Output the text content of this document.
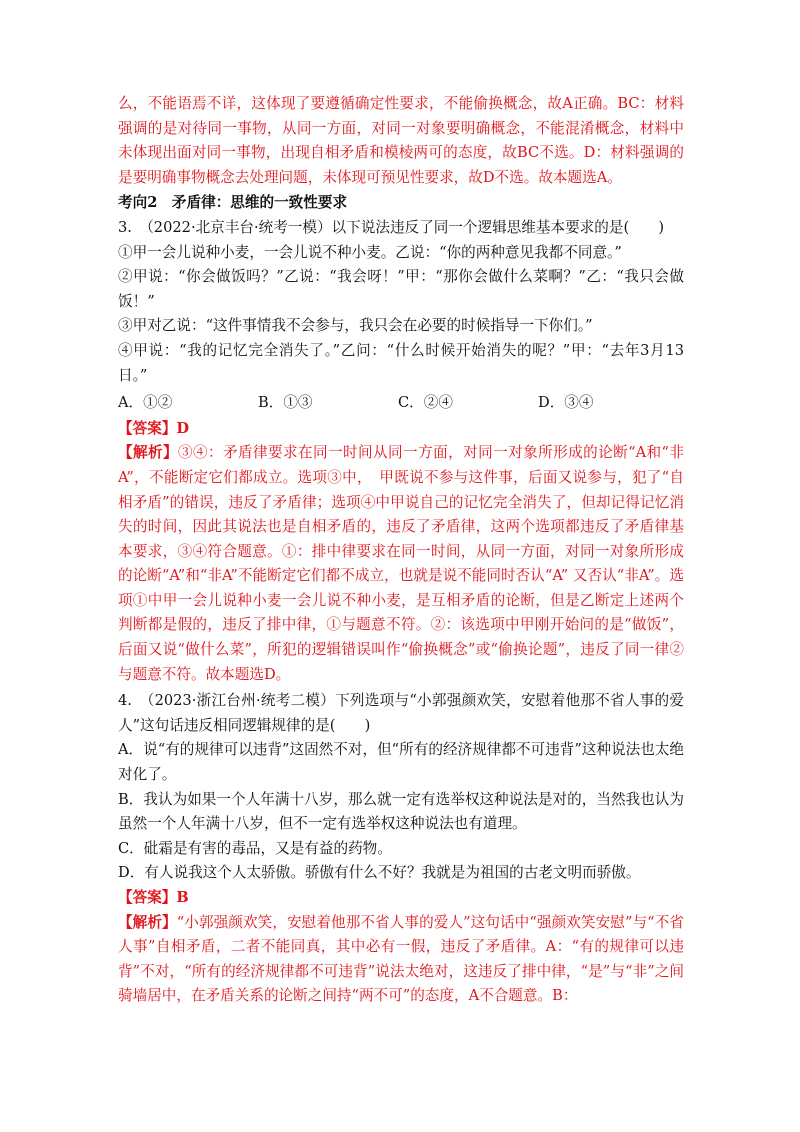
么，不能语焉不详，这体现了要遵循确定性要求，不能偷换概念，故A正确。BC：材料强调的是对待同一事物，从同一方面，对同一对象要明确概念，不能混淆概念，材料中未体现出面对同一事物，出现自相矛盾和模棱两可的态度，故BC不选。D：材料强调的是要明确事物概念去处理问题，未体现可预见性要求，故D不选。故本题选A。

考向2　矛盾律：思维的一致性要求

3.　（2022·北京丰台·统考一模）以下说法违反了同一个逻辑思维基本要求的是(　　)

①甲一会儿说种小麦，一会儿说不种小麦。乙说：“你的两种意见我都不同意。”

②甲说：“你会做饭吗？”乙说：“我会呀！”甲：“那你会做什么菜啊？”乙：“我只会做饭！”

③甲对乙说：“这件事情我不会参与，我只会在必要的时候指导一下你们。”

④甲说：“我的记忆完全消失了。”乙问：“什么时候开始消失的呢？”甲：“去年3月13日。”

A．①②	B．①③	C．②④	D．③④

【答案】D

【解析】③④：矛盾律要求在同一时间从同一方面，对同一对象所形成的论断“A和“非A”，不能断定它们都成立。选项③中，　甲既说不参与这件事，后面又说参与，犯了“自相矛盾”的错误，违反了矛盾律；选项④中甲说自己的记忆完全消失了，但却记得记忆消失的时间，因此其说法也是自相矛盾的，违反了矛盾律，这两个选项都违反了矛盾律基本要求，③④符合题意。①：排中律要求在同一时间，从同一方面，对同一对象所形成的论断“A”和“非A”不能断定它们都不成立，也就是说不能同时否认“A” 又否认“非A”。选项①中甲一会儿说种小麦一会儿说不种小麦，是互相矛盾的论断，但是乙断定上述两个判断都是假的，违反了排中律，①与题意不符。②：该选项中甲刚开始问的是“做饭”，后面又说“做什么菜”，所犯的逻辑错误叫作“偷换概念”或“偷换论题”，违反了同一律②与题意不符。故本题选D。

4.　（2023·浙江台州·统考二模）下列选项与“小郭强颜欢笑，安慰着他那不省人事的爱人”这句话违反相同逻辑规律的是(　　)

A．说“有的规律可以违背”这固然不对，但“所有的经济规律都不可违背”这种说法也太绝对化了。

B．我认为如果一个人年满十八岁，那么就一定有选举权这种说法是对的，当然我也认为虽然一个人年满十八岁，但不一定有选举权这种说法也有道理。

C．砒霜是有害的毒品，又是有益的药物。

D．有人说我这个人太骄傲。骄傲有什么不好？我就是为祖国的古老文明而骄傲。

【答案】B

【解析】“小郭强颜欢笑，安慰着他那不省人事的爱人”这句话中“强颜欢笑安慰”与“不省人事”自相矛盾，二者不能同真，其中必有一假，违反了矛盾律。A：“有的规律可以违背”不对，“所有的经济规律都不可违背”说法太绝对，这违反了排中律，“是”与“非”之间骑墙居中，在矛盾关系的论断之间持“两不可”的态度，A不合题意。B：
